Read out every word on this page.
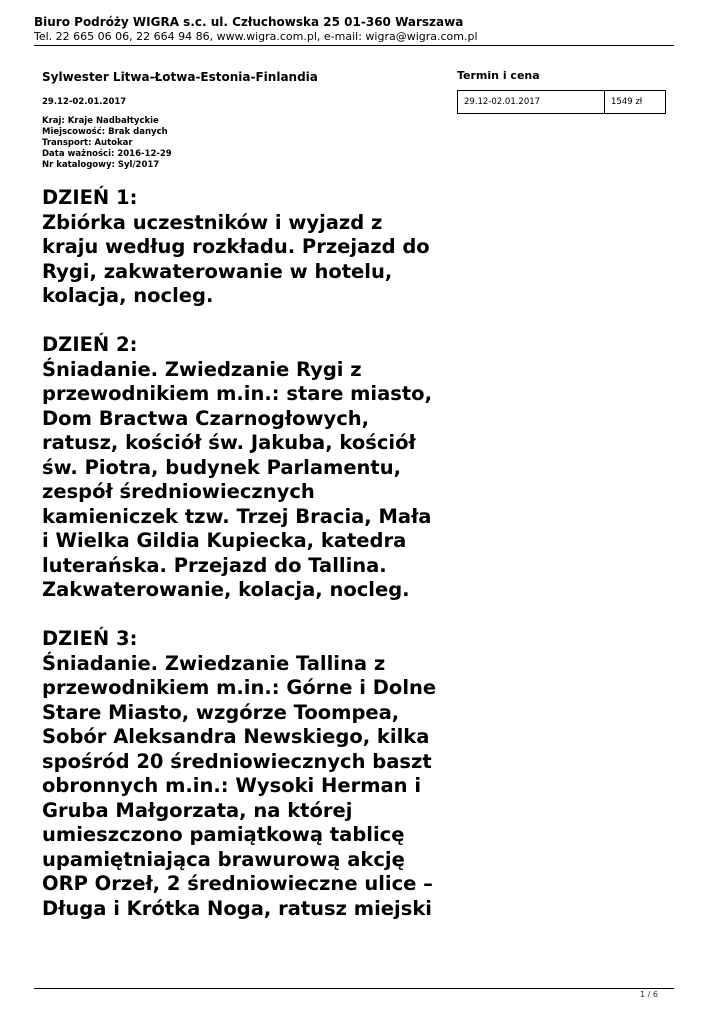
Biuro Podróży WIGRA s.c. ul. Człuchowska 25 01-360 Warszawa
Tel. 22 665 06 06, 22 664 94 86, www.wigra.com.pl, e-mail: wigra@wigra.com.pl
Sylwester Litwa-Łotwa-Estonia-Finlandia
29.12-02.01.2017
Kraj: Kraje Nadbałtyckie
Miejscowość: Brak danych
Transport: Autokar
Data ważności: 2016-12-29
Nr katalogowy: Syl/2017
Termin i cena
29.12-02.01.2017	1549 zł
DZIEŃ 1:
Zbiórka uczestników i wyjazd z
kraju według rozkładu. Przejazd do
Rygi, zakwaterowanie w hotelu,
kolacja, nocleg.
DZIEŃ 2:
Śniadanie. Zwiedzanie Rygi z
przewodnikiem m.in.: stare miasto,
Dom Bractwa Czarnogłowych,
ratusz, kościół św. Jakuba, kościół
św. Piotra, budynek Parlamentu,
zespół średniowiecznych
kamieniczek tzw. Trzej Bracia, Mała
i Wielka Gildia Kupiecka, katedra
luterańska. Przejazd do Tallina.
Zakwaterowanie, kolacja, nocleg.
DZIEŃ 3:
Śniadanie. Zwiedzanie Tallina z
przewodnikiem m.in.: Górne i Dolne
Stare Miasto, wzgórze Toompea,
Sobór Aleksandra Newskiego, kilka
spośród 20 średniowiecznych baszt
obronnych m.in.: Wysoki Herman i
Gruba Małgorzata, na której
umieszczono pamiątkową tablicę
upamiętniająca brawurową akcję
ORP Orzeł, 2 średniowieczne ulice –
Długa i Krótka Noga, ratusz miejski
1 / 6
